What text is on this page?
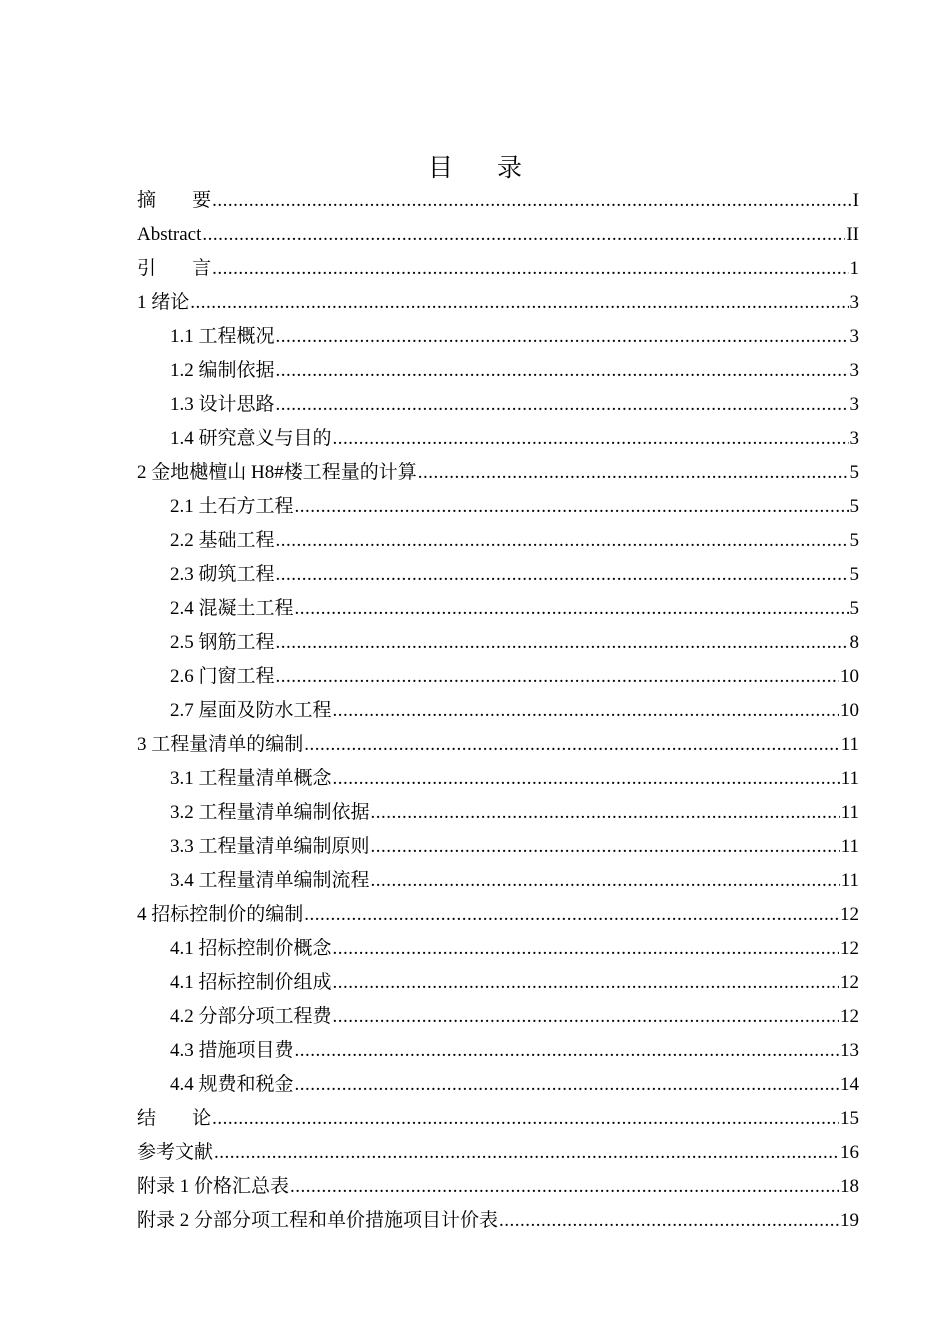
目录
摘要 .....	I
Abstract .....	II
引言 .....	1
1 绪论 .....	3
1.1 工程概况 .....	3
1.2 编制依据 .....	3
1.3 设计思路 .....	3
1.4 研究意义与目的 .....	3
2 金地樾檀山 H8#楼工程量的计算 .....	5
2.1 土石方工程 .....	5
2.2 基础工程 .....	5
2.3 砌筑工程 .....	5
2.4 混凝土工程 .....	5
2.5 钢筋工程 .....	8
2.6 门窗工程 .....	10
2.7 屋面及防水工程 .....	10
3 工程量清单的编制 .....	11
3.1 工程量清单概念 .....	11
3.2 工程量清单编制依据 .....	11
3.3 工程量清单编制原则 .....	11
3.4 工程量清单编制流程 .....	11
4 招标控制价的编制 .....	12
4.1 招标控制价概念 .....	12
4.1 招标控制价组成 .....	12
4.2 分部分项工程费 .....	12
4.3 措施项目费 .....	13
4.4 规费和税金 .....	14
结论 .....	15
参考文献 .....	16
附录 1 价格汇总表 .....	18
附录 2 分部分项工程和单价措施项目计价表 .....	19
